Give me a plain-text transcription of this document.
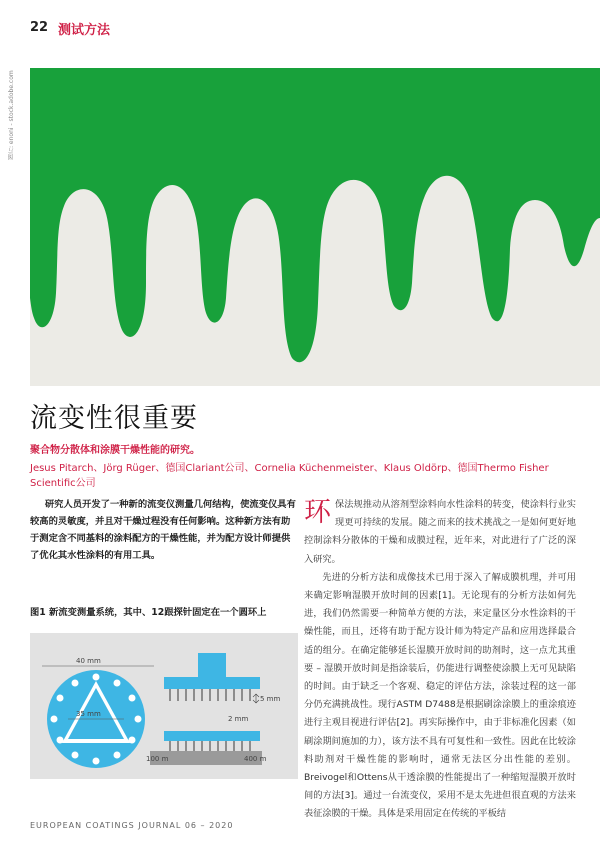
22 测试方法
图片: enoni - stock.adobe.com
流变性很重要
聚合物分散体和涂膜干燥性能的研究。
Jesus Pitarch、Jörg Rüger、德国Clariant公司、Cornelia Küchenmeister、Klaus Oldörp、德国Thermo Fisher Scientific公司
研究人员开发了一种新的流变仪测量几何结构，使流变仪具有较高的灵敏度，并且对干燥过程没有任何影响。这种新方法有助于测定含不同基料的涂料配方的干燥性能，并为配方设计师提供了优化其水性涂料的有用工具。
图1 新流变测量系统，其中、12跟探针固定在一个圆环上
40 mm
35 mm
5 mm
2 mm
100 m	400 m

环保法规推动从溶剂型涂料向水性涂料的转变，使涂料行业实现更可持续的发展。随之而来的技术挑战之一是如何更好地控制涂料分散体的干燥和成膜过程，近年来，对此进行了广泛的深入研究。

先进的分析方法和成像技术已用于深入了解成膜机理，并可用来确定影响湿膜开放时间的因素[1]。无论现有的分析方法如何先进，我们仍然需要一种简单方便的方法，来定量区分水性涂料的干燥性能，而且，还将有助于配方设计师为特定产品和应用选择最合适的组分。在确定能够延长湿膜开放时间的助剂时，这一点尤其重要 – 湿膜开放时间是指涂装后，仍能进行调整使涂膜上无可见缺陷的时间。由于缺乏一个客观、稳定的评估方法，涂装过程的这一部分仍充满挑战性。现行ASTM D7488是根据刷涂涂膜上的重涂痕迹进行主观目视进行评估[2]。再实际操作中，由于非标准化因素（如刷涂期间施加的力），该方法不具有可复性和一致性。因此在比较涂料助剂对干燥性能的影响时，通常无法区分出性能的差别。Breivogel和Ottens从干透涂膜的性能提出了一种缩短湿膜开放时间的方法[3]。通过一台流变仪，采用不是太先进但很直观的方法来表征涂膜的干燥。具体是采用固定在传统的平板结

EUROPEAN COATINGS JOURNAL 06 – 2020
